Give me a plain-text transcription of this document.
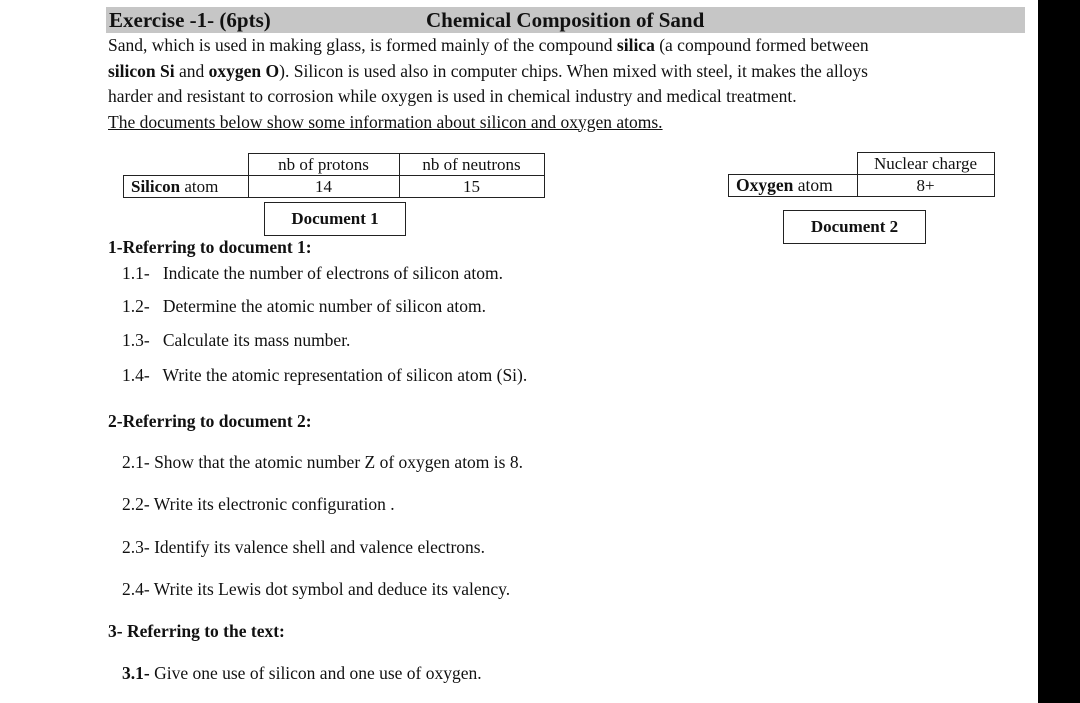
Exercise -1- (6pts)	Chemical Composition of Sand
Sand, which is used in making glass, is formed mainly of the compound silica (a compound formed between
silicon Si and oxygen O). Silicon is used also in computer chips. When mixed with steel, it makes the alloys
harder and resistant to corrosion while oxygen is used in chemical industry and medical treatment.
The documents below show some information about silicon and oxygen atoms.
	nb of protons	nb of neutrons
Silicon atom	14	15
Document 1
	Nuclear charge
Oxygen atom	8+
Document 2
1-Referring to document 1:
1.1-   Indicate the number of electrons of silicon atom.
1.2-   Determine the atomic number of silicon atom.
1.3-   Calculate its mass number.
1.4-   Write the atomic representation of silicon atom (Si).
2-Referring to document 2:
2.1- Show that the atomic number Z of oxygen atom is 8.
2.2- Write its electronic configuration .
2.3- Identify its valence shell and valence electrons.
2.4- Write its Lewis dot symbol and deduce its valency.
3- Referring to the text:
3.1- Give one use of silicon and one use of oxygen.
